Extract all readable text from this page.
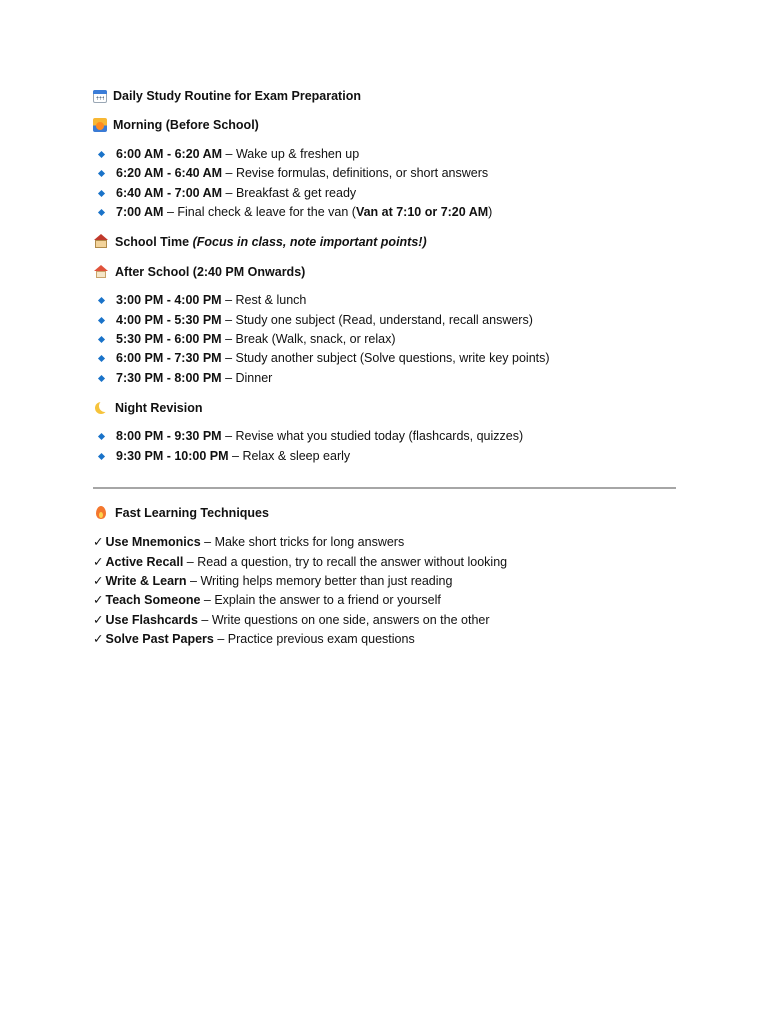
Daily Study Routine for Exam Preparation
Morning (Before School)
6:00 AM - 6:20 AM – Wake up & freshen up
6:20 AM - 6:40 AM – Revise formulas, definitions, or short answers
6:40 AM - 7:00 AM – Breakfast & get ready
7:00 AM – Final check & leave for the van ( Van at 7:10 or 7:20 AM )
School Time
(Focus in class, note important points!)
After School (2:40 PM Onwards)
3:00 PM - 4:00 PM – Rest & lunch
4:00 PM - 5:30 PM – Study one subject (Read, understand, recall answers)
5:30 PM - 6:00 PM – Break (Walk, snack, or relax)
6:00 PM - 7:30 PM – Study another subject (Solve questions, write key points)
7:30 PM - 8:00 PM – Dinner
Night Revision
8:00 PM - 9:30 PM – Revise what you studied today (flashcards, quizzes)
9:30 PM - 10:00 PM – Relax & sleep early
Fast Learning Techniques
✓ Use Mnemonics – Make short tricks for long answers
✓ Active Recall – Read a question, try to recall the answer without looking
✓ Write & Learn – Writing helps memory better than just reading
✓ Teach Someone – Explain the answer to a friend or yourself
✓ Use Flashcards – Write questions on one side, answers on the other
✓ Solve Past Papers – Practice previous exam questions
